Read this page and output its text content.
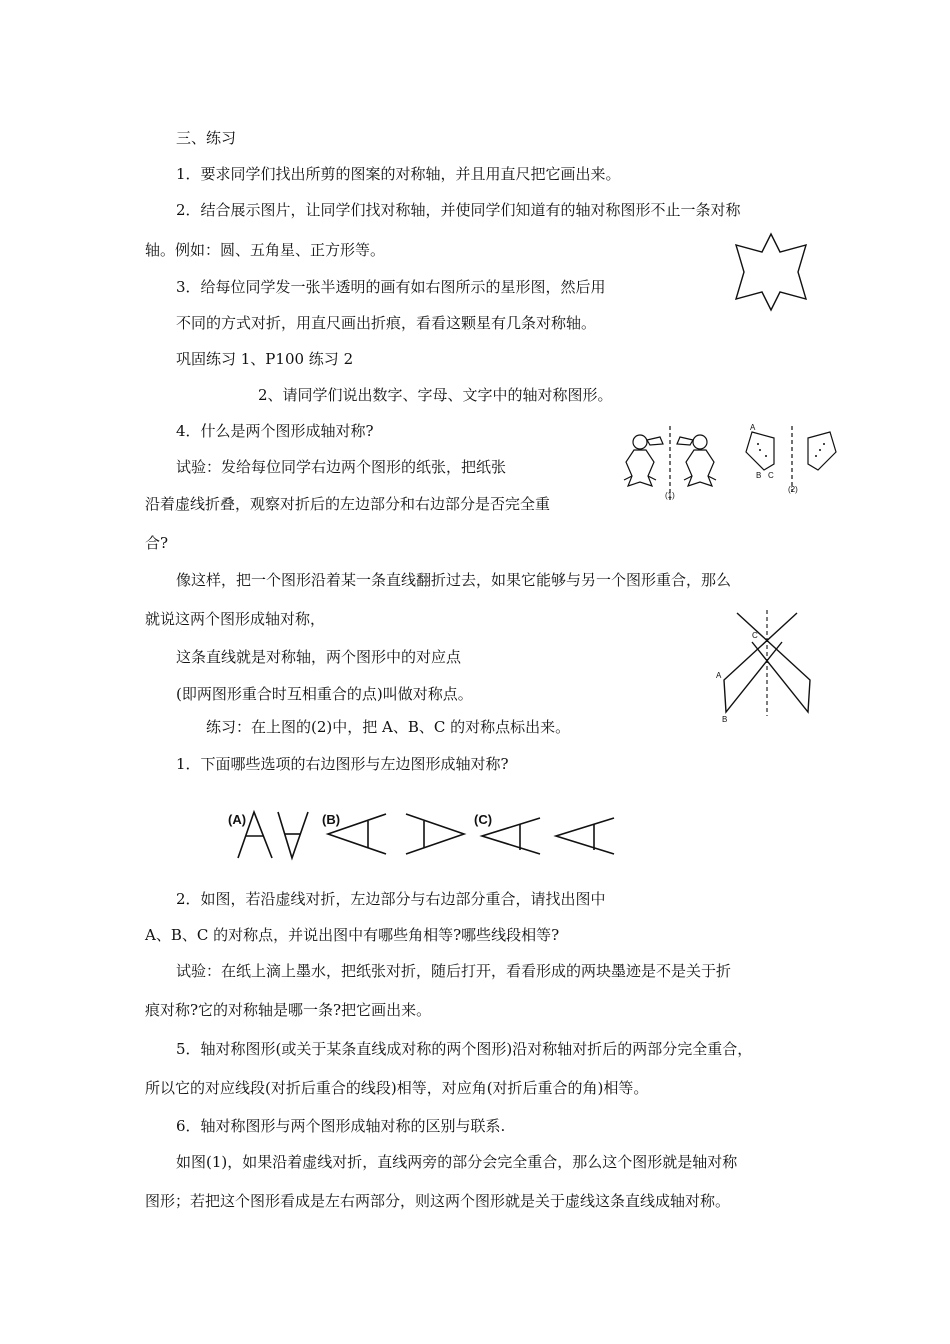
三、练习
1．要求同学们找出所剪的图案的对称轴，并且用直尺把它画出来。
2．结合展示图片，让同学们找对称轴，并使同学们知道有的轴对称图形不止一条对称
轴。例如：圆、五角星、正方形等。
3．给每位同学发一张半透明的画有如右图所示的星形图，然后用
不同的方式对折，用直尺画出折痕，看看这颗星有几条对称轴。
巩固练习 1、P100 练习 2
2、请同学们说出数字、字母、文字中的轴对称图形。
4．什么是两个图形成轴对称?
试验：发给每位同学右边两个图形的纸张，把纸张
沿着虚线折叠，观察对折后的左边部分和右边部分是否完全重
合?
像这样，把一个图形沿着某一条直线翻折过去，如果它能够与另一个图形重合，那么
就说这两个图形成轴对称，
这条直线就是对称轴，两个图形中的对应点
(即两图形重合时互相重合的点)叫做对称点。
练习：在上图的(2)中，把 A、B、C 的对称点标出来。
1．下面哪些选项的右边图形与左边图形成轴对称?
2．如图，若沿虚线对折，左边部分与右边部分重合，请找出图中
A、B、C 的对称点，并说出图中有哪些角相等?哪些线段相等?
试验：在纸上滴上墨水，把纸张对折，随后打开，看看形成的两块墨迹是不是关于折
痕对称?它的对称轴是哪一条?把它画出来。
5．轴对称图形(或关于某条直线成对称的两个图形)沿对称轴对折后的两部分完全重合，
所以它的对应线段(对折后重合的线段)相等，对应角(对折后重合的角)相等。
6．轴对称图形与两个图形成轴对称的区别与联系.
如图(1)，如果沿着虚线对折，直线两旁的部分会完全重合，那么这个图形就是轴对称
图形；若把这个图形看成是左右两部分，则这两个图形就是关于虚线这条直线成轴对称。
(1)
A
B C
(2)
A
B
C
(A)	(B)	(C)
